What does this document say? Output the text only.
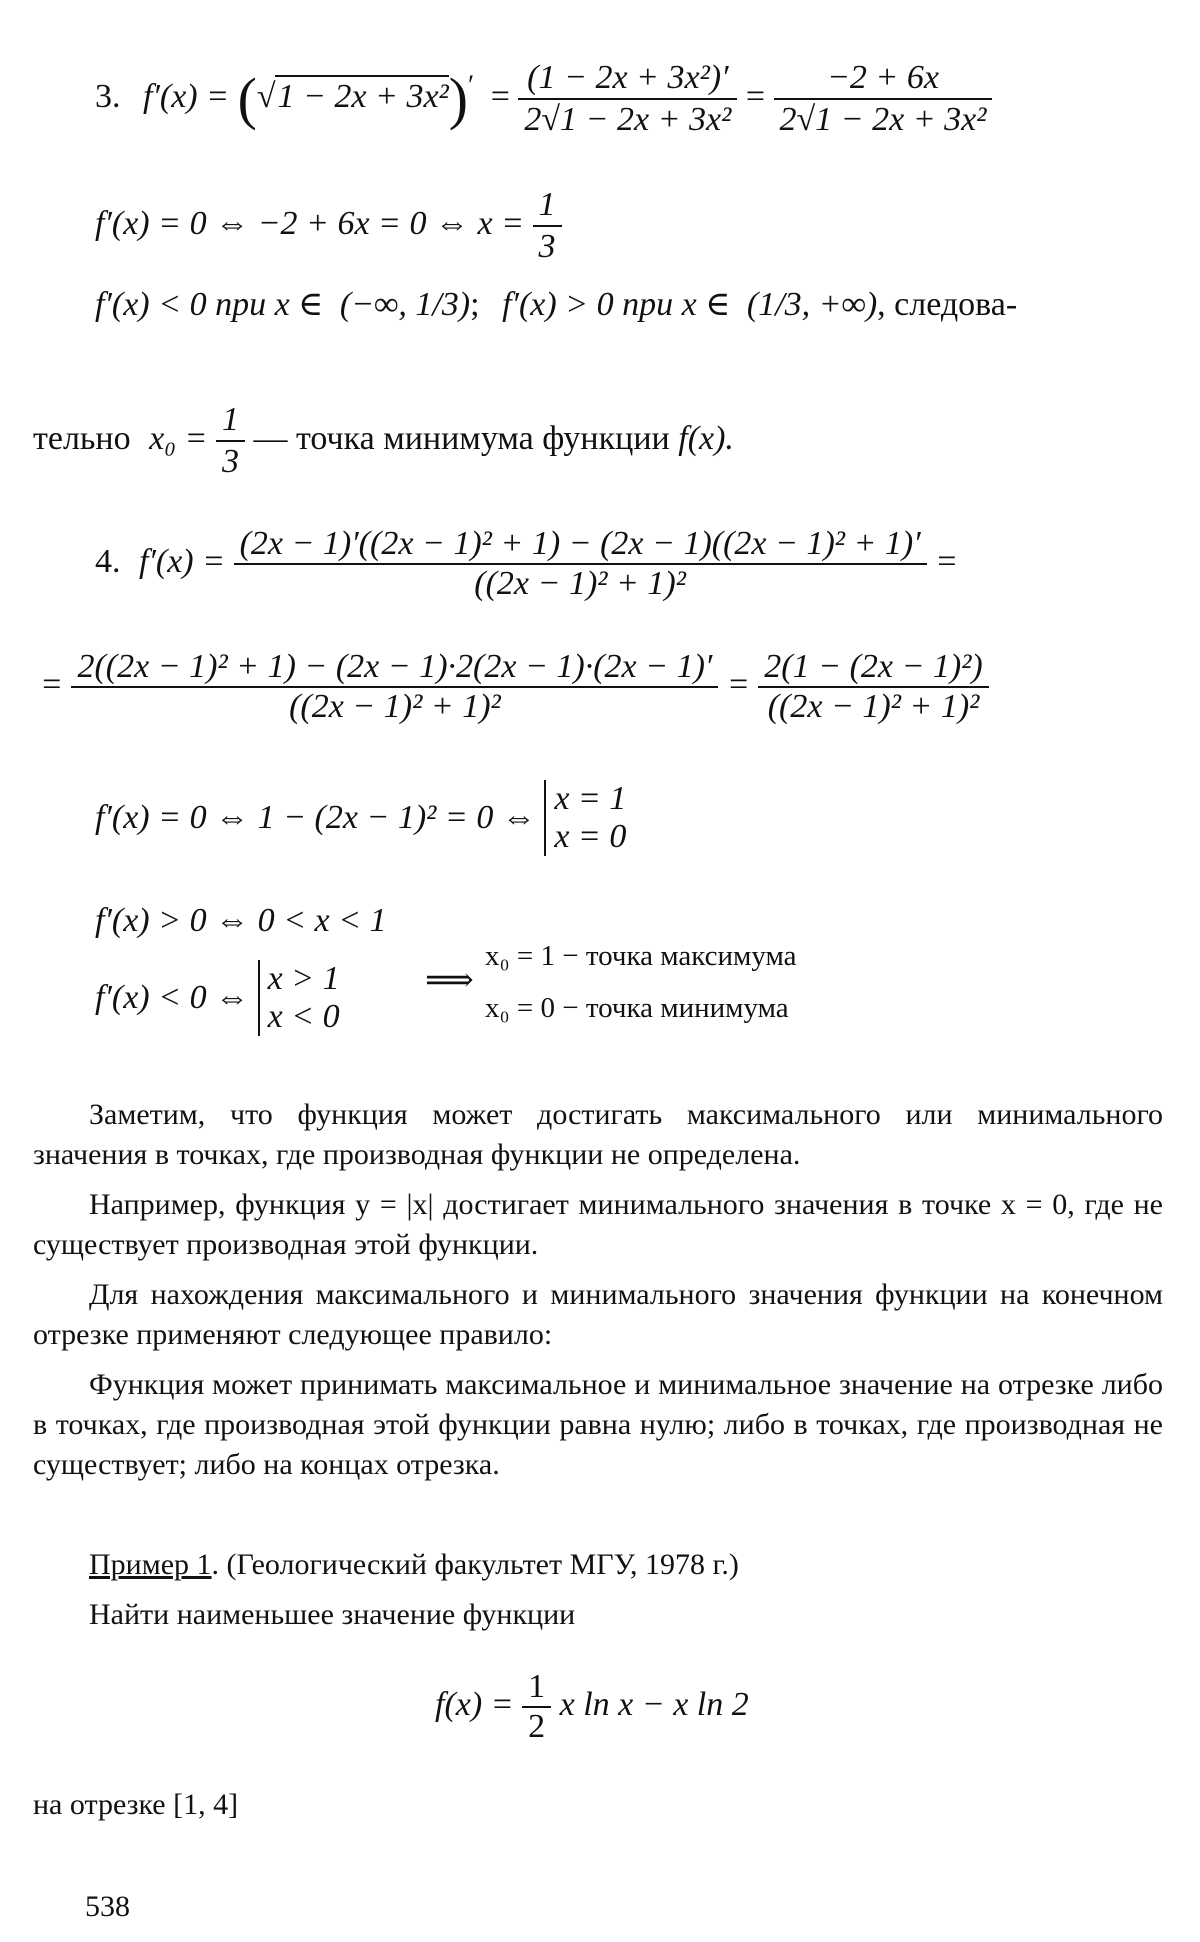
3. $f'(x) = (√1 - 2x + 3x^2)' = \frac{\text{(1 − 2x + 3x²)′}}{\text{2√1 − 2x + 3x²}} = \frac{-2 + 6x}{\text{2√1 − 2x + 3x²}}$
f′(x) = 0 ⇔ −2 + 6x = 0 ⇔ $x = \frac{1}{3}$
f′(x) < 0 при x ∈ (−∞, 1/3); f′(x) > 0 при x ∈ (1/3, +∞), следова-
тельно $x_0 = \frac{1}{3}$ — точка минимума функции f(x).
4. $f'(x) = \frac{\text{(2x − 1)′((2x − 1)² + 1) − (2x − 1)((2x − 1)² + 1)′}}{\text{((2x − 1)² + 1)²}}$ =
= $\frac{\text{2((2x − 1)² + 1) − (2x − 1)·2(2x − 1)·(2x − 1)′}}{\text{((2x − 1)² + 1)²}} = \frac{\text{2(1 − (2x − 1)²)}}{\text{((2x − 1)² + 1)²}}$
f′(x) = 0 ⇔ 1 − (2x − 1)² = 0 ⇔ x = 1
x = 0
f′(x) > 0 ⇔ 0 < x < 1
f′(x) < 0 ⇔ x > 1
x < 0
⟹
x₀ = 1 − точка максимума
x₀ = 0 − точка минимума
Заметим, что функция может достигать максимального или минимального значения в точках, где производная функции не определена.
Например, функция y = |x| достигает минимального значения в точке x = 0, где не существует производная этой функции.
Для нахождения максимального и минимального значения функции на конечном отрезке применяют следующее правило:
Функция может принимать максимальное и минимальное значение на отрезке либо в точках, где производная этой функции равна нулю; либо в точках, где производная не существует; либо на концах отрезка.
Пример 1. (Геологический факультет МГУ, 1978 г.)
Найти наименьшее значение функции
$f(x) = \frac{1}{2}$ x ln x − x ln 2
на отрезке [1, 4]
538
